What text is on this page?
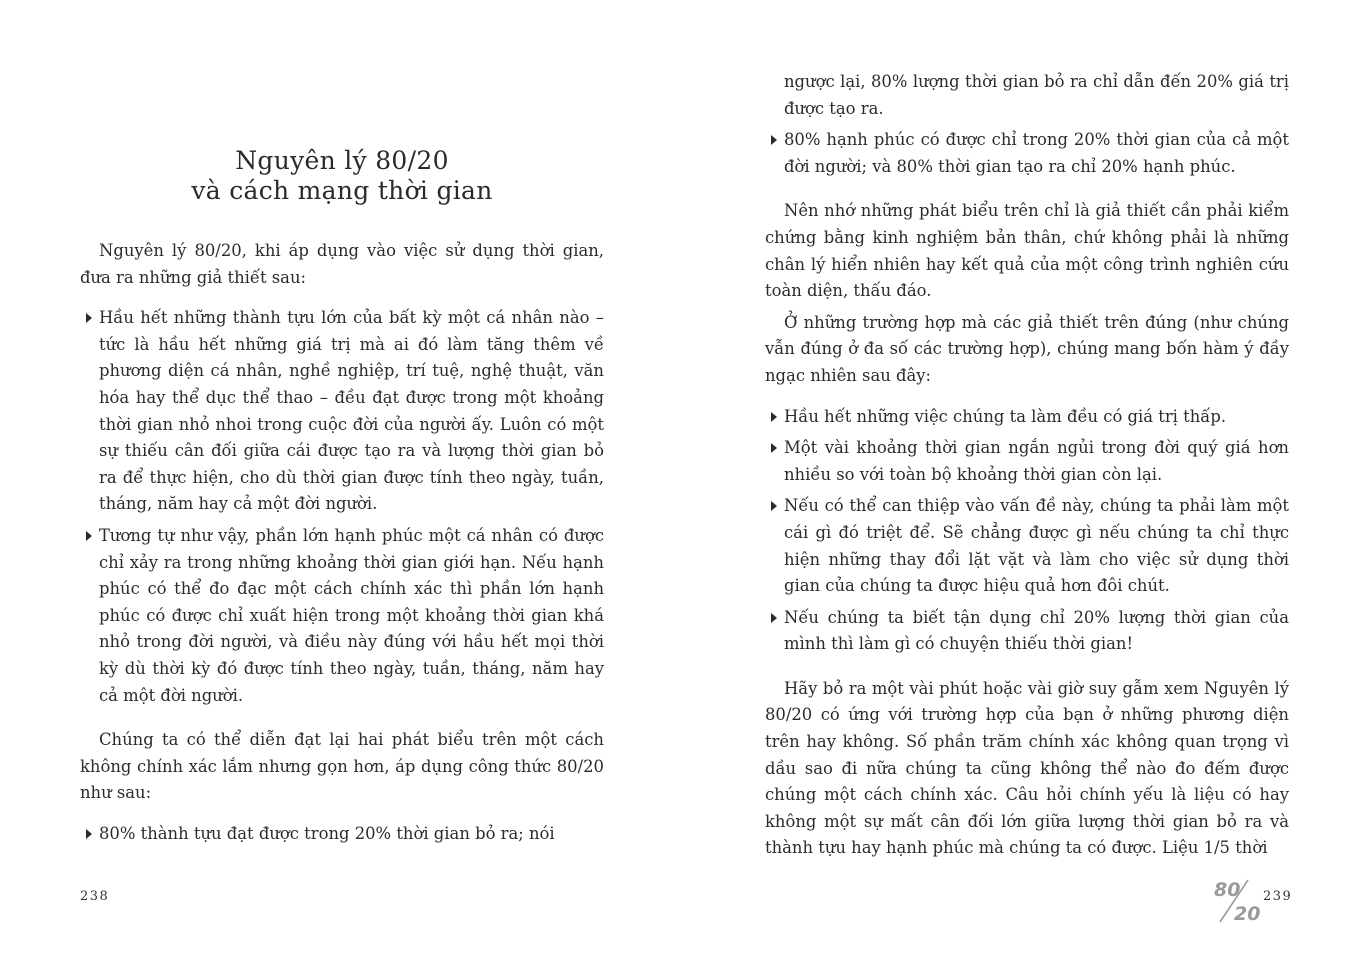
Nguyên lý 80/20
và cách mạng thời gian

Nguyên lý 80/20, khi áp dụng vào việc sử dụng thời gian, đưa ra những giả thiết sau:

Hầu hết những thành tựu lớn của bất kỳ một cá nhân nào – tức là hầu hết những giá trị mà ai đó làm tăng thêm về phương diện cá nhân, nghề nghiệp, trí tuệ, nghệ thuật, văn hóa hay thể dục thể thao – đều đạt được trong một khoảng thời gian nhỏ nhoi trong cuộc đời của người ấy. Luôn có một sự thiếu cân đối giữa cái được tạo ra và lượng thời gian bỏ ra để thực hiện, cho dù thời gian được tính theo ngày, tuần, tháng, năm hay cả một đời người.
Tương tự như vậy, phần lớn hạnh phúc một cá nhân có được chỉ xảy ra trong những khoảng thời gian giới hạn. Nếu hạnh phúc có thể đo đạc một cách chính xác thì phần lớn hạnh phúc có được chỉ xuất hiện trong một khoảng thời gian khá nhỏ trong đời người, và điều này đúng với hầu hết mọi thời kỳ dù thời kỳ đó được tính theo ngày, tuần, tháng, năm hay cả một đời người.

Chúng ta có thể diễn đạt lại hai phát biểu trên một cách không chính xác lắm nhưng gọn hơn, áp dụng công thức 80/20 như sau:

80% thành tựu đạt được trong 20% thời gian bỏ ra; nói
238

ngược lại, 80% lượng thời gian bỏ ra chỉ dẫn đến 20% giá trị được tạo ra.

80% hạnh phúc có được chỉ trong 20% thời gian của cả một đời người; và 80% thời gian tạo ra chỉ 20% hạnh phúc.

Nên nhớ những phát biểu trên chỉ là giả thiết cần phải kiểm chứng bằng kinh nghiệm bản thân, chứ không phải là những chân lý hiển nhiên hay kết quả của một công trình nghiên cứu toàn diện, thấu đáo.

Ở những trường hợp mà các giả thiết trên đúng (như chúng vẫn đúng ở đa số các trường hợp), chúng mang bốn hàm ý đầy ngạc nhiên sau đây:

Hầu hết những việc chúng ta làm đều có giá trị thấp.
Một vài khoảng thời gian ngắn ngủi trong đời quý giá hơn nhiều so với toàn bộ khoảng thời gian còn lại.
Nếu có thể can thiệp vào vấn đề này, chúng ta phải làm một cái gì đó triệt để. Sẽ chẳng được gì nếu chúng ta chỉ thực hiện những thay đổi lặt vặt và làm cho việc sử dụng thời gian của chúng ta được hiệu quả hơn đôi chút.
Nếu chúng ta biết tận dụng chỉ 20% lượng thời gian của mình thì làm gì có chuyện thiếu thời gian!

Hãy bỏ ra một vài phút hoặc vài giờ suy gẫm xem Nguyên lý 80/20 có ứng với trường hợp của bạn ở những phương diện trên hay không. Số phần trăm chính xác không quan trọng vì dầu sao đi nữa chúng ta cũng không thể nào đo đếm được chúng một cách chính xác. Câu hỏi chính yếu là liệu có hay không một sự mất cân đối lớn giữa lượng thời gian bỏ ra và thành tựu hay hạnh phúc mà chúng ta có được. Liệu 1/5 thời

80
20
239
